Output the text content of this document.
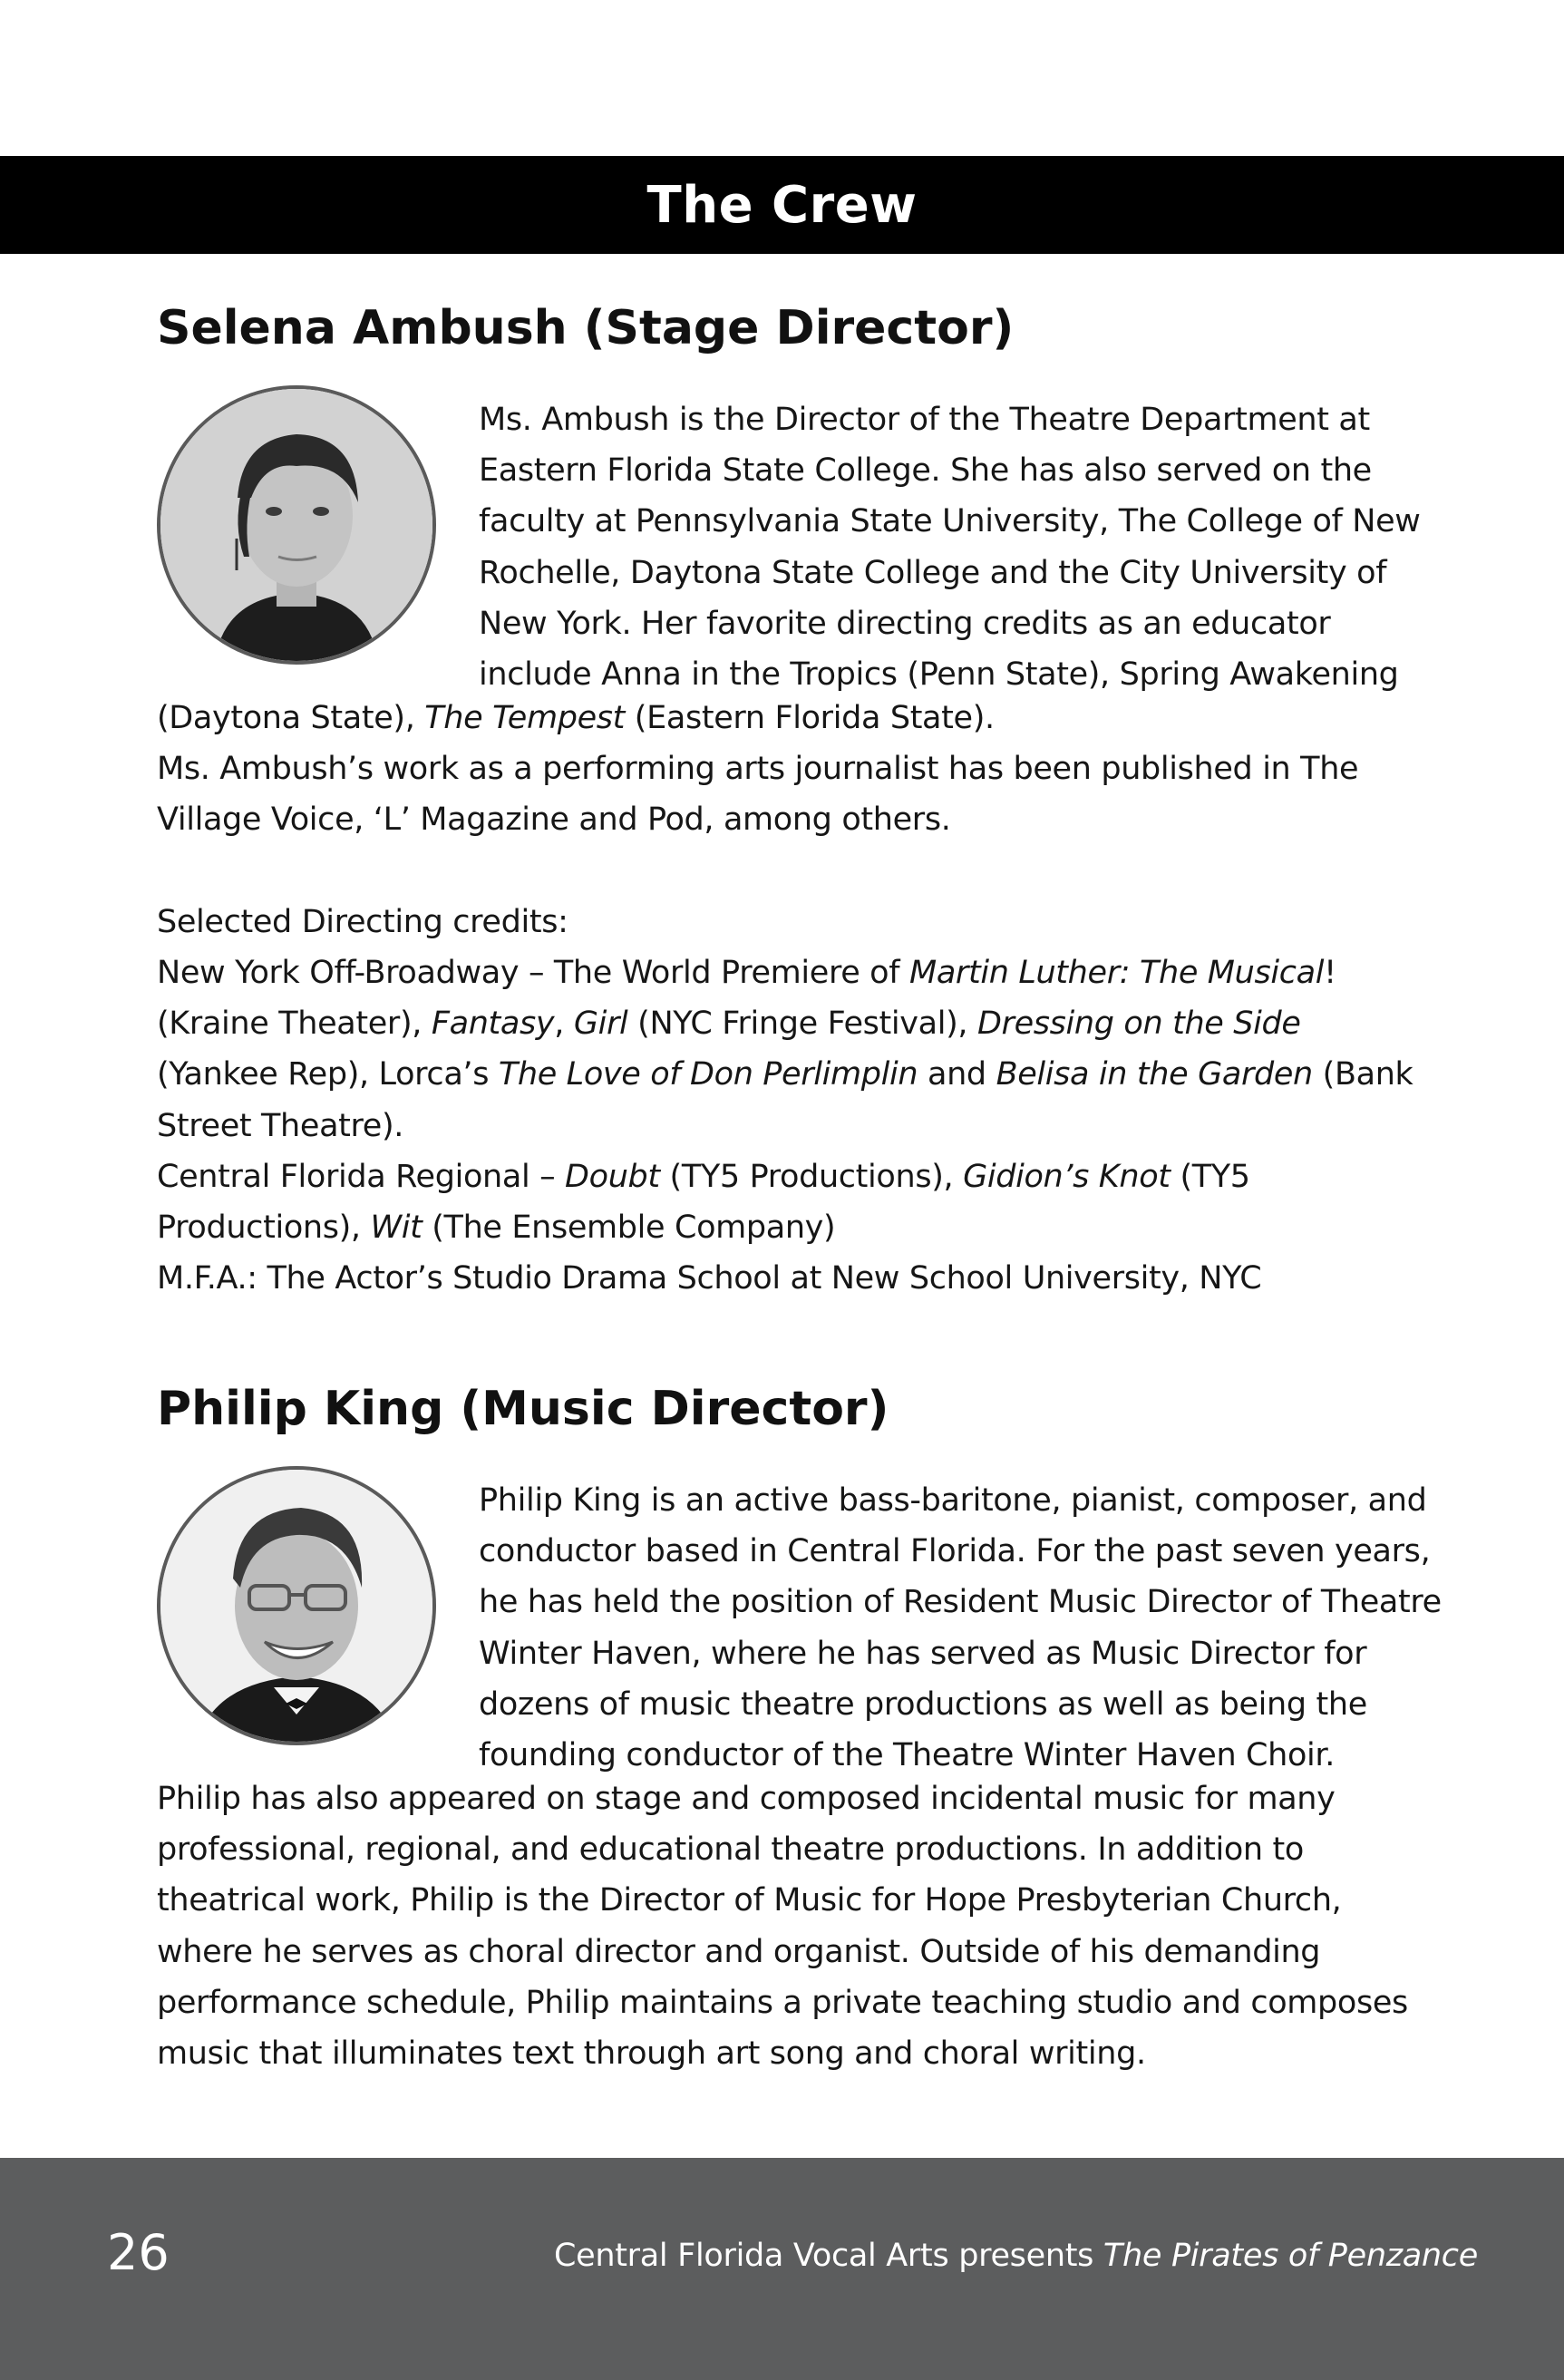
The Crew
Selena Ambush (Stage Director)
Ms. Ambush is the Director of the Theatre Department at
Eastern Florida State College. She has also served on the
faculty at Pennsylvania State University, The College of New
Rochelle, Daytona State College and the City University of
New York. Her favorite directing credits as an educator
include Anna in the Tropics (Penn State), Spring Awakening
(Daytona State), The Tempest (Eastern Florida State).
Ms. Ambush’s work as a performing arts journalist has been published in The
Village Voice, ‘L’ Magazine and Pod, among others.
Selected Directing credits:
New York Off-Broadway – The World Premiere of Martin Luther: The Musical!
(Kraine Theater), Fantasy, Girl (NYC Fringe Festival), Dressing on the Side
(Yankee Rep), Lorca’s The Love of Don Perlimplin and Belisa in the Garden (Bank
Street Theatre).
Central Florida Regional – Doubt (TY5 Productions), Gidion’s Knot (TY5
Productions), Wit (The Ensemble Company)
M.F.A.: The Actor’s Studio Drama School at New School University, NYC
Philip King (Music Director)
Philip King is an active bass-baritone, pianist, composer, and
conductor based in Central Florida. For the past seven years,
he has held the position of Resident Music Director of Theatre
Winter Haven, where he has served as Music Director for
dozens of music theatre productions as well as being the
founding conductor of the Theatre Winter Haven Choir.
Philip has also appeared on stage and composed incidental music for many
professional, regional, and educational theatre productions. In addition to
theatrical work, Philip is the Director of Music for Hope Presbyterian Church,
where he serves as choral director and organist. Outside of his demanding
performance schedule, Philip maintains a private teaching studio and composes
music that illuminates text through art song and choral writing.
26	Central Florida Vocal Arts presents The Pirates of Penzance
